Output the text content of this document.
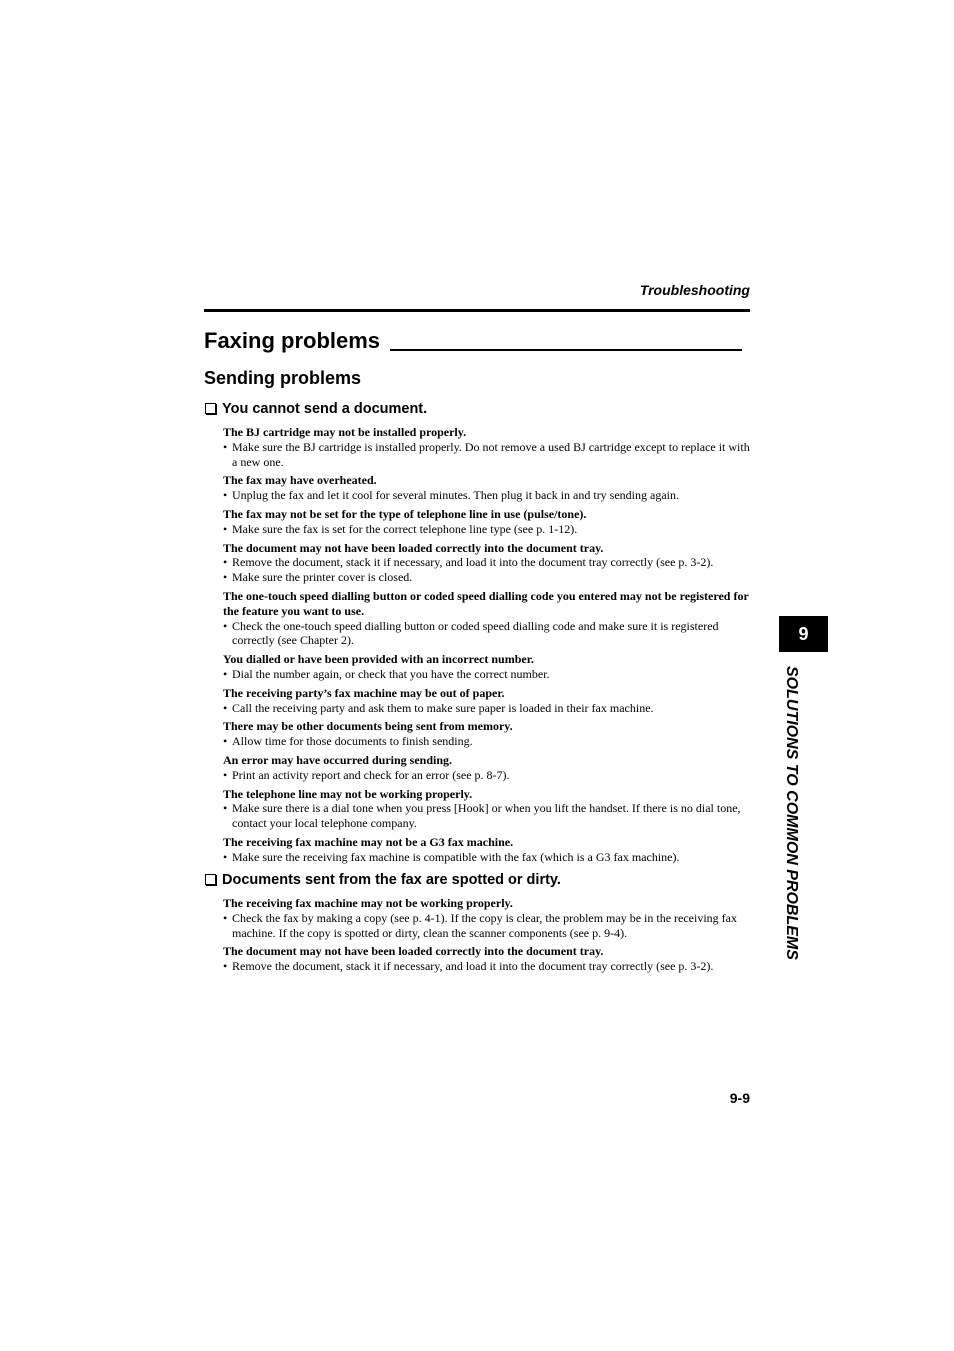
Troubleshooting
Faxing problems
Sending problems
You cannot send a document.
The BJ cartridge may not be installed properly.
• Make sure the BJ cartridge is installed properly. Do not remove a used BJ cartridge except to replace it with a new one.
The fax may have overheated.
• Unplug the fax and let it cool for several minutes. Then plug it back in and try sending again.
The fax may not be set for the type of telephone line in use (pulse/tone).
• Make sure the fax is set for the correct telephone line type (see p. 1-12).
The document may not have been loaded correctly into the document tray.
• Remove the document, stack it if necessary, and load it into the document tray correctly (see p. 3-2).
• Make sure the printer cover is closed.
The one-touch speed dialling button or coded speed dialling code you entered may not be registered for the feature you want to use.
• Check the one-touch speed dialling button or coded speed dialling code and make sure it is registered correctly (see Chapter 2).
You dialled or have been provided with an incorrect number.
• Dial the number again, or check that you have the correct number.
The receiving party’s fax machine may be out of paper.
• Call the receiving party and ask them to make sure paper is loaded in their fax machine.
There may be other documents being sent from memory.
• Allow time for those documents to finish sending.
An error may have occurred during sending.
• Print an activity report and check for an error (see p. 8-7).
The telephone line may not be working properly.
• Make sure there is a dial tone when you press [Hook] or when you lift the handset. If there is no dial tone, contact your local telephone company.
The receiving fax machine may not be a G3 fax machine.
• Make sure the receiving fax machine is compatible with the fax (which is a G3 fax machine).
Documents sent from the fax are spotted or dirty.
The receiving fax machine may not be working properly.
• Check the fax by making a copy (see p. 4-1). If the copy is clear, the problem may be in the receiving fax machine. If the copy is spotted or dirty, clean the scanner components (see p. 9-4).
The document may not have been loaded correctly into the document tray.
• Remove the document, stack it if necessary, and load it into the document tray correctly (see p. 3-2).
9
SOLUTIONS TO COMMON PROBLEMS
9-9
